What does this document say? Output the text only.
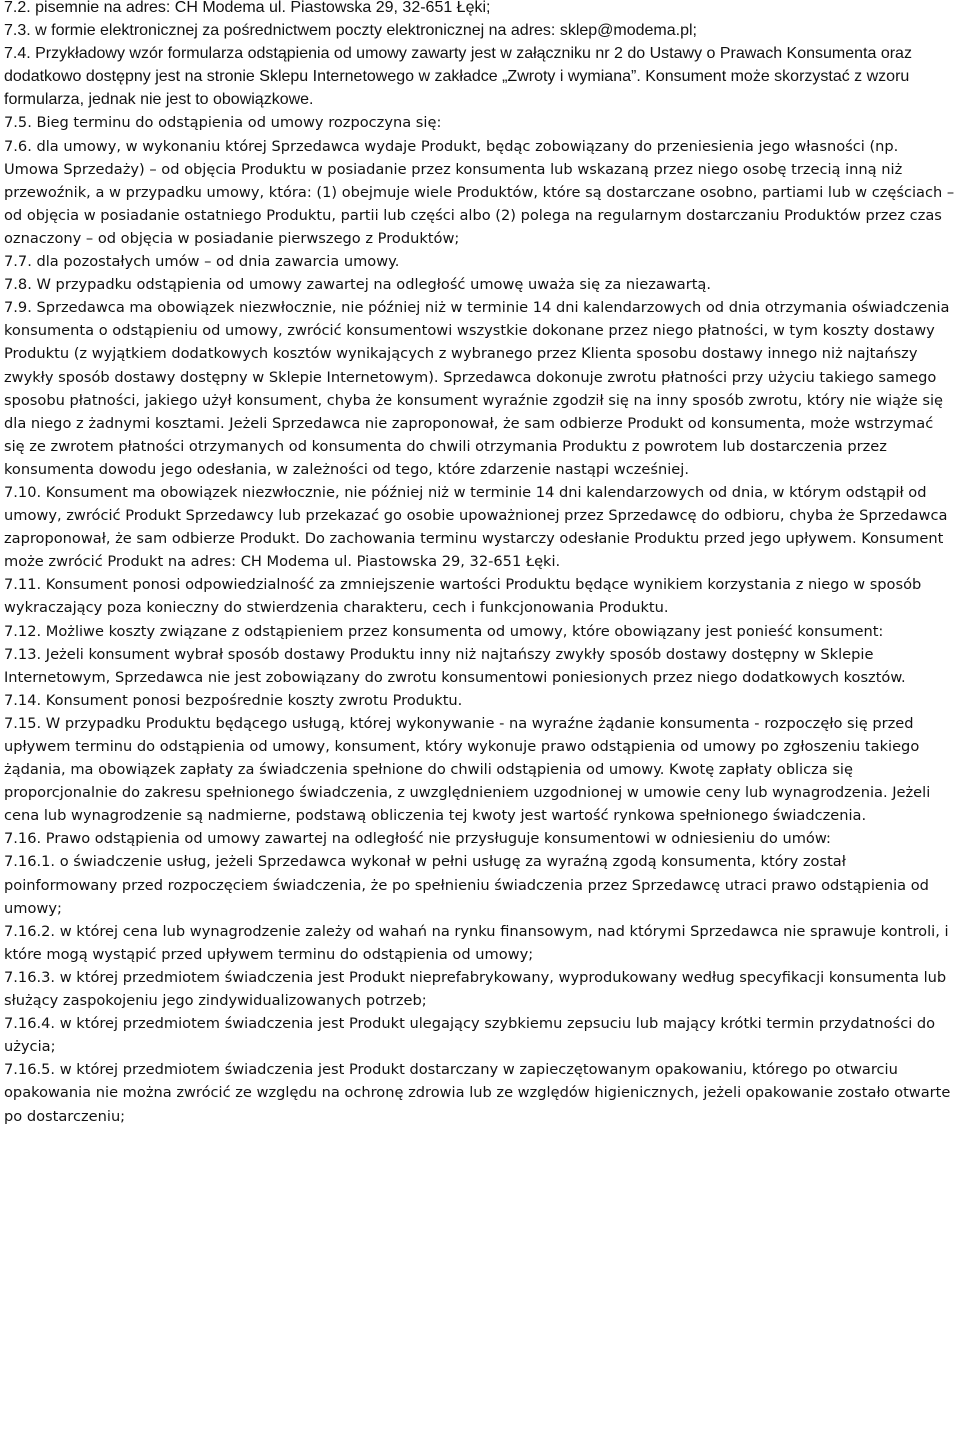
7.2. pisemnie na adres: CH Modema ul. Piastowska 29, 32-651 Łęki;

7.3. w formie elektronicznej za pośrednictwem poczty elektronicznej na adres: sklep@modema.pl;

7.4. Przykładowy wzór formularza odstąpienia od umowy zawarty jest w załączniku nr 2 do Ustawy o Prawach Konsumenta oraz dodatkowo dostępny jest na stronie Sklepu Internetowego w zakładce „Zwroty i wymiana”. Konsument może skorzystać z wzoru formularza, jednak nie jest to obowiązkowe.

7.5. Bieg terminu do odstąpienia od umowy rozpoczyna się:

7.6. dla umowy, w wykonaniu której Sprzedawca wydaje Produkt, będąc zobowiązany do przeniesienia jego własności (np. Umowa Sprzedaży) – od objęcia Produktu w posiadanie przez konsumenta lub wskazaną przez niego osobę trzecią inną niż przewoźnik, a w przypadku umowy, która: (1) obejmuje wiele Produktów, które są dostarczane osobno, partiami lub w częściach – od objęcia w posiadanie ostatniego Produktu, partii lub części albo (2) polega na regularnym dostarczaniu Produktów przez czas oznaczony – od objęcia w posiadanie pierwszego z Produktów;

7.7. dla pozostałych umów – od dnia zawarcia umowy.

7.8. W przypadku odstąpienia od umowy zawartej na odległość umowę uważa się za niezawartą.

7.9. Sprzedawca ma obowiązek niezwłocznie, nie później niż w terminie 14 dni kalendarzowych od dnia otrzymania oświadczenia konsumenta o odstąpieniu od umowy, zwrócić konsumentowi wszystkie dokonane przez niego płatności, w tym koszty dostawy Produktu (z wyjątkiem dodatkowych kosztów wynikających z wybranego przez Klienta sposobu dostawy innego niż najtańszy zwykły sposób dostawy dostępny w Sklepie Internetowym). Sprzedawca dokonuje zwrotu płatności przy użyciu takiego samego sposobu płatności, jakiego użył konsument, chyba że konsument wyraźnie zgodził się na inny sposób zwrotu, który nie wiąże się dla niego z żadnymi kosztami. Jeżeli Sprzedawca nie zaproponował, że sam odbierze Produkt od konsumenta, może wstrzymać się ze zwrotem płatności otrzymanych od konsumenta do chwili otrzymania Produktu z powrotem lub dostarczenia przez konsumenta dowodu jego odesłania, w zależności od tego, które zdarzenie nastąpi wcześniej.

7.10. Konsument ma obowiązek niezwłocznie, nie później niż w terminie 14 dni kalendarzowych od dnia, w którym odstąpił od umowy, zwrócić Produkt Sprzedawcy lub przekazać go osobie upoważnionej przez Sprzedawcę do odbioru, chyba że Sprzedawca zaproponował, że sam odbierze Produkt. Do zachowania terminu wystarczy odesłanie Produktu przed jego upływem. Konsument może zwrócić Produkt na adres: CH Modema ul. Piastowska 29, 32-651 Łęki.

7.11. Konsument ponosi odpowiedzialność za zmniejszenie wartości Produktu będące wynikiem korzystania z niego w sposób wykraczający poza konieczny do stwierdzenia charakteru, cech i funkcjonowania Produktu.

7.12. Możliwe koszty związane z odstąpieniem przez konsumenta od umowy, które obowiązany jest ponieść konsument:

7.13. Jeżeli konsument wybrał sposób dostawy Produktu inny niż najtańszy zwykły sposób dostawy dostępny w Sklepie Internetowym, Sprzedawca nie jest zobowiązany do zwrotu konsumentowi poniesionych przez niego dodatkowych kosztów.

7.14. Konsument ponosi bezpośrednie koszty zwrotu Produktu.

7.15. W przypadku Produktu będącego usługą, której wykonywanie - na wyraźne żądanie konsumenta - rozpoczęło się przed upływem terminu do odstąpienia od umowy, konsument, który wykonuje prawo odstąpienia od umowy po zgłoszeniu takiego żądania, ma obowiązek zapłaty za świadczenia spełnione do chwili odstąpienia od umowy. Kwotę zapłaty oblicza się proporcjonalnie do zakresu spełnionego świadczenia, z uwzględnieniem uzgodnionej w umowie ceny lub wynagrodzenia. Jeżeli cena lub wynagrodzenie są nadmierne, podstawą obliczenia tej kwoty jest wartość rynkowa spełnionego świadczenia.

7.16. Prawo odstąpienia od umowy zawartej na odległość nie przysługuje konsumentowi w odniesieniu do umów:

7.16.1. o świadczenie usług, jeżeli Sprzedawca wykonał w pełni usługę za wyraźną zgodą konsumenta, który został poinformowany przed rozpoczęciem świadczenia, że po spełnieniu świadczenia przez Sprzedawcę utraci prawo odstąpienia od umowy;

7.16.2. w której cena lub wynagrodzenie zależy od wahań na rynku finansowym, nad którymi Sprzedawca nie sprawuje kontroli, i które mogą wystąpić przed upływem terminu do odstąpienia od umowy;

7.16.3. w której przedmiotem świadczenia jest Produkt nieprefabrykowany, wyprodukowany według specyfikacji konsumenta lub służący zaspokojeniu jego zindywidualizowanych potrzeb;

7.16.4. w której przedmiotem świadczenia jest Produkt ulegający szybkiemu zepsuciu lub mający krótki termin przydatności do użycia;

7.16.5. w której przedmiotem świadczenia jest Produkt dostarczany w zapieczętowanym opakowaniu, którego po otwarciu opakowania nie można zwrócić ze względu na ochronę zdrowia lub ze względów higienicznych, jeżeli opakowanie zostało otwarte po dostarczeniu;
